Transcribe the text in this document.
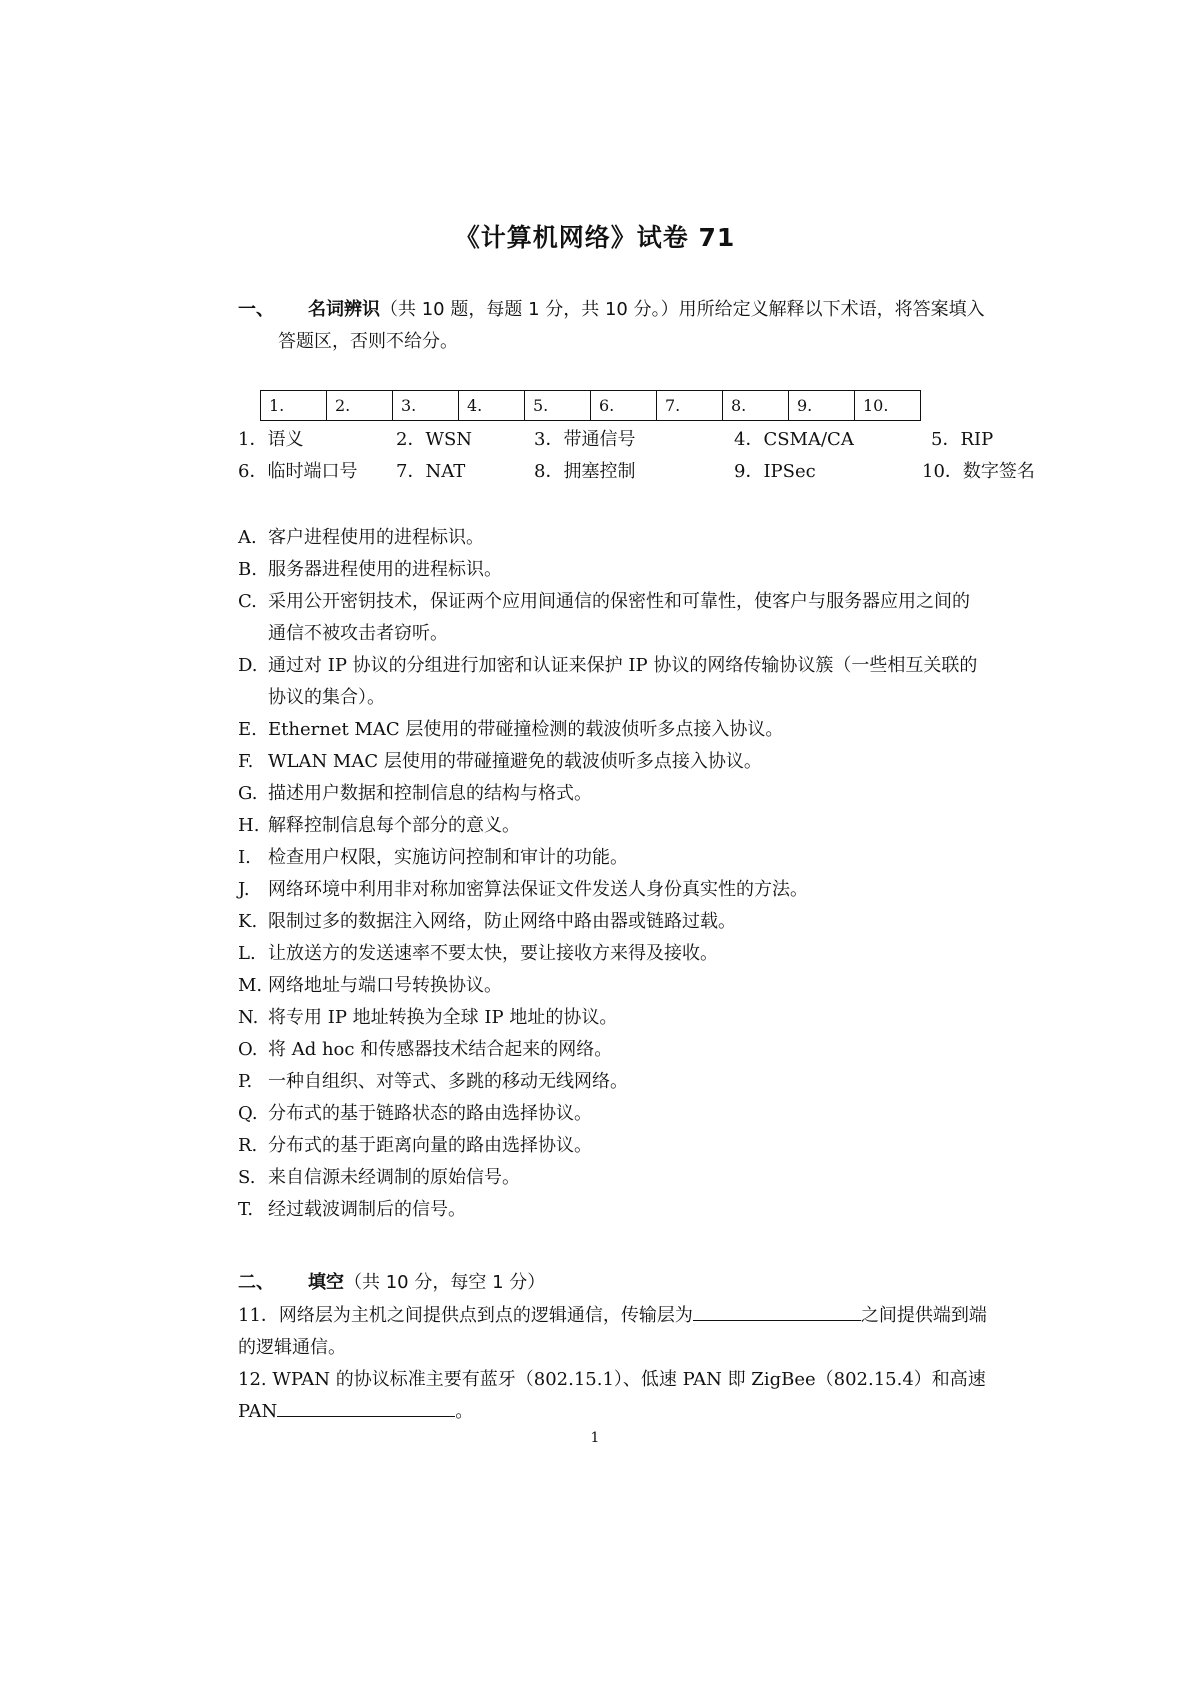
《计算机网络》试卷 71
一、 名词辨识（共 10 题，每题 1 分，共 10 分。）用所给定义解释以下术语，将答案填入
答题区，否则不给分。
1.	2.	3.	4.	5.	6.	7.	8.	9.	10.
1．语义	2．WSN	3．带通信号	4．CSMA/CA	5．RIP
6．临时端口号 7．NAT	8．拥塞控制	9．IPSec	10．数字签名
A. 客户进程使用的进程标识。
B. 服务器进程使用的进程标识。
C. 采用公开密钥技术，保证两个应用间通信的保密性和可靠性，使客户与服务器应用之间的
通信不被攻击者窃听。
D. 通过对 IP 协议的分组进行加密和认证来保护 IP 协议的网络传输协议簇（一些相互关联的
协议的集合）。
E. Ethernet MAC 层使用的带碰撞检测的载波侦听多点接入协议。
F. WLAN MAC 层使用的带碰撞避免的载波侦听多点接入协议。
G. 描述用户数据和控制信息的结构与格式。
H. 解释控制信息每个部分的意义。
I. 检查用户权限，实施访问控制和审计的功能。
J.	网络环境中利用非对称加密算法保证文件发送人身份真实性的方法。
K. 限制过多的数据注入网络，防止网络中路由器或链路过载。
L. 让放送方的发送速率不要太快，要让接收方来得及接收。
M. 网络地址与端口号转换协议。
N. 将专用 IP 地址转换为全球 IP 地址的协议。
O. 将 Ad hoc 和传感器技术结合起来的网络。
P. 一种自组织、对等式、多跳的移动无线网络。
Q. 分布式的基于链路状态的路由选择协议。
R. 分布式的基于距离向量的路由选择协议。
S. 来自信源未经调制的原始信号。
T. 经过载波调制后的信号。
二、 填空（共 10 分，每空 1 分）
11．网络层为主机之间提供点到点的逻辑通信，传输层为	之间提供端到端
的逻辑通信。
12. WPAN 的协议标准主要有蓝牙（802.15.1）、低速 PAN 即 ZigBee（802.15.4）和高速
PAN	。
1
